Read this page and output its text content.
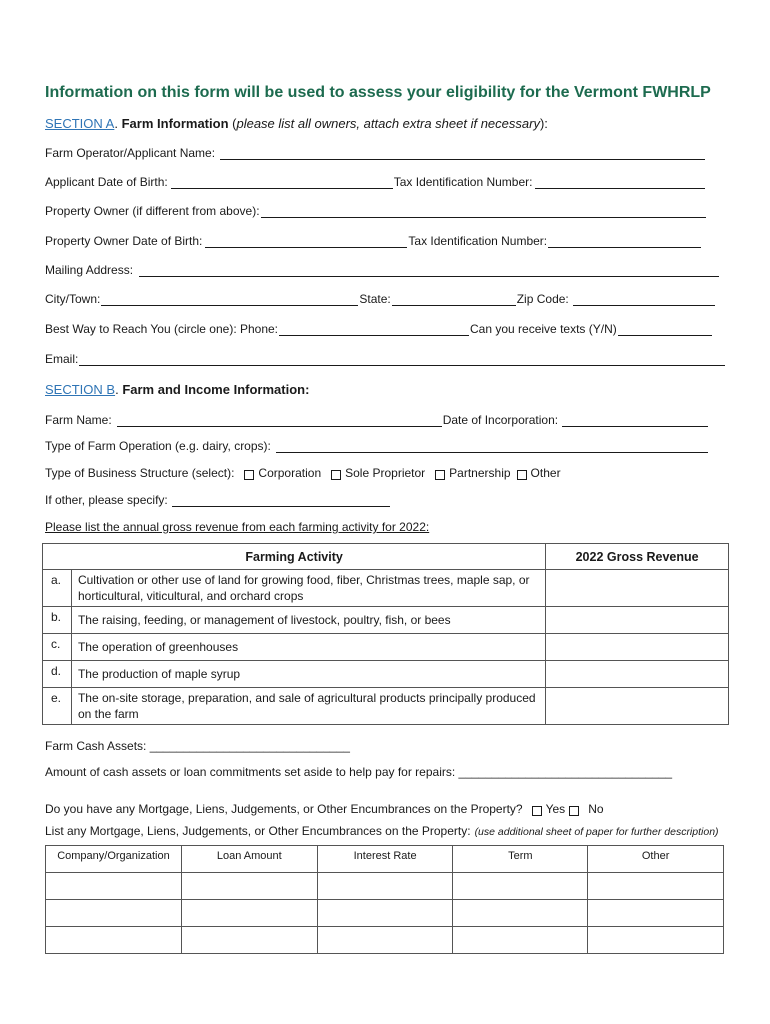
Information on this form will be used to assess your eligibility for the Vermont FWHRLP
SECTION A. Farm Information (please list all owners, attach extra sheet if necessary):
Farm Operator/Applicant Name:
Applicant Date of Birth:	Tax Identification Number:
Property Owner (if different from above):
Property Owner Date of Birth:	Tax Identification Number:
Mailing Address:
City/Town:	State:	Zip Code:
Best Way to Reach You (circle one): Phone:	Can you receive texts (Y/N)
Email:
SECTION B. Farm and Income Information:
Farm Name:	Date of Incorporation:
Type of Farm Operation (e.g. dairy, crops):
Type of Business Structure (select): Corporation Sole Proprietor Partnership Other
If other, please specify:
Please list the annual gross revenue from each farming activity for 2022:
Farming Activity		2022 Gross Revenue
a.	Cultivation or other use of land for growing food, fiber, Christmas trees, maple sap, or horticultural, viticultural, and orchard crops	
b.	The raising, feeding, or management of livestock, poultry, fish, or bees	
c.	The operation of greenhouses	
d.	The production of maple syrup	
e.	The on-site storage, preparation, and sale of agricultural products principally produced on the farm	
Farm Cash Assets: ______________________________
Amount of cash assets or loan commitments set aside to help pay for repairs: ________________________________
Do you have any Mortgage, Liens, Judgements, or Other Encumbrances on the Property? Yes No
List any Mortgage, Liens, Judgements, or Other Encumbrances on the Property: (use additional sheet of paper for further description)
Company/Organization	Loan Amount	Interest Rate	Term	Other
